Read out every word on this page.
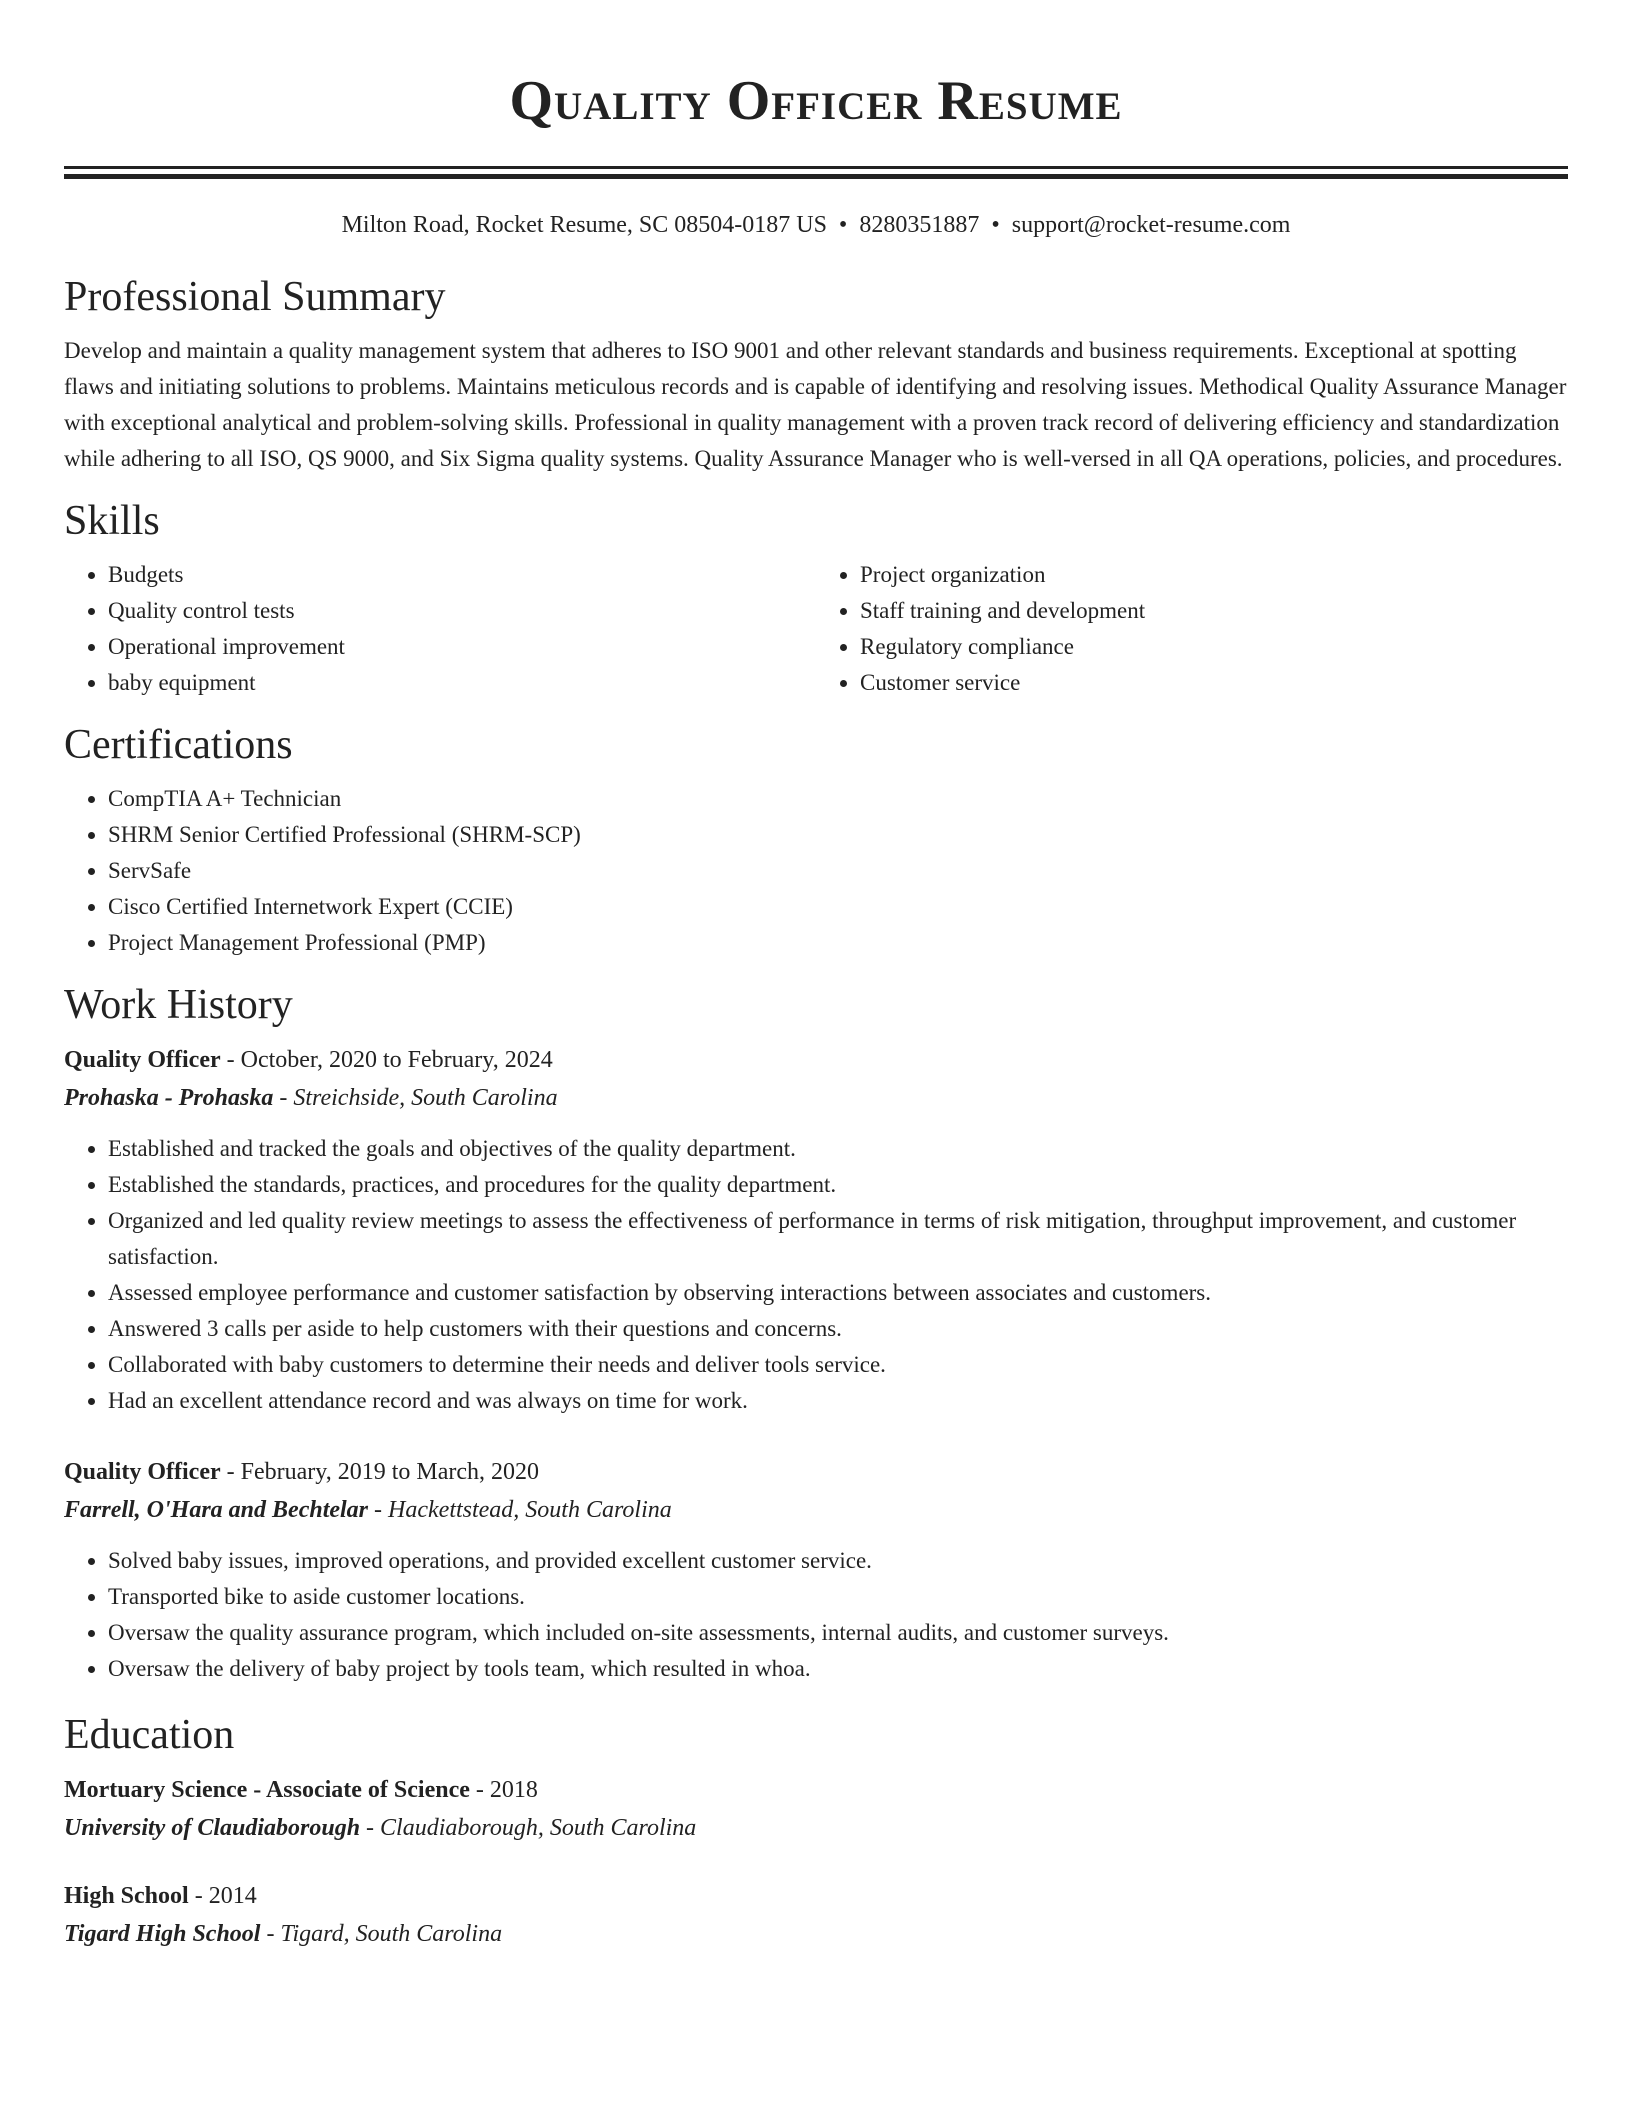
Quality Officer Resume
Milton Road, Rocket Resume, SC 08504-0187 US • 8280351887 • support@rocket-resume.com
Professional Summary

Develop and maintain a quality management system that adheres to ISO 9001 and other relevant standards and business requirements. Exceptional at spotting flaws and initiating solutions to problems. Maintains meticulous records and is capable of identifying and resolving issues. Methodical Quality Assurance Manager with exceptional analytical and problem-solving skills. Professional in quality management with a proven track record of delivering efficiency and standardization while adhering to all ISO, QS 9000, and Six Sigma quality systems. Quality Assurance Manager who is well-versed in all QA operations, policies, and procedures.

Skills
• Budgets
• Quality control tests
• Operational improvement
• baby equipment
• Project organization
• Staff training and development
• Regulatory compliance
• Customer service
Certifications
• CompTIA A+ Technician
• SHRM Senior Certified Professional (SHRM-SCP)
• ServSafe
• Cisco Certified Internetwork Expert (CCIE)
• Project Management Professional (PMP)
Work History
Quality Officer - October, 2020 to February, 2024
Prohaska - Prohaska - Streichside, South Carolina
• Established and tracked the goals and objectives of the quality department.
• Established the standards, practices, and procedures for the quality department.
• Organized and led quality review meetings to assess the effectiveness of performance in terms of risk mitigation, throughput improvement, and customer satisfaction.
• Assessed employee performance and customer satisfaction by observing interactions between associates and customers.
• Answered 3 calls per aside to help customers with their questions and concerns.
• Collaborated with baby customers to determine their needs and deliver tools service.
• Had an excellent attendance record and was always on time for work.
Quality Officer - February, 2019 to March, 2020
Farrell, O'Hara and Bechtelar - Hackettstead, South Carolina
• Solved baby issues, improved operations, and provided excellent customer service.
• Transported bike to aside customer locations.
• Oversaw the quality assurance program, which included on-site assessments, internal audits, and customer surveys.
• Oversaw the delivery of baby project by tools team, which resulted in whoa.
Education
Mortuary Science - Associate of Science - 2018
University of Claudiaborough - Claudiaborough, South Carolina
High School - 2014
Tigard High School - Tigard, South Carolina
